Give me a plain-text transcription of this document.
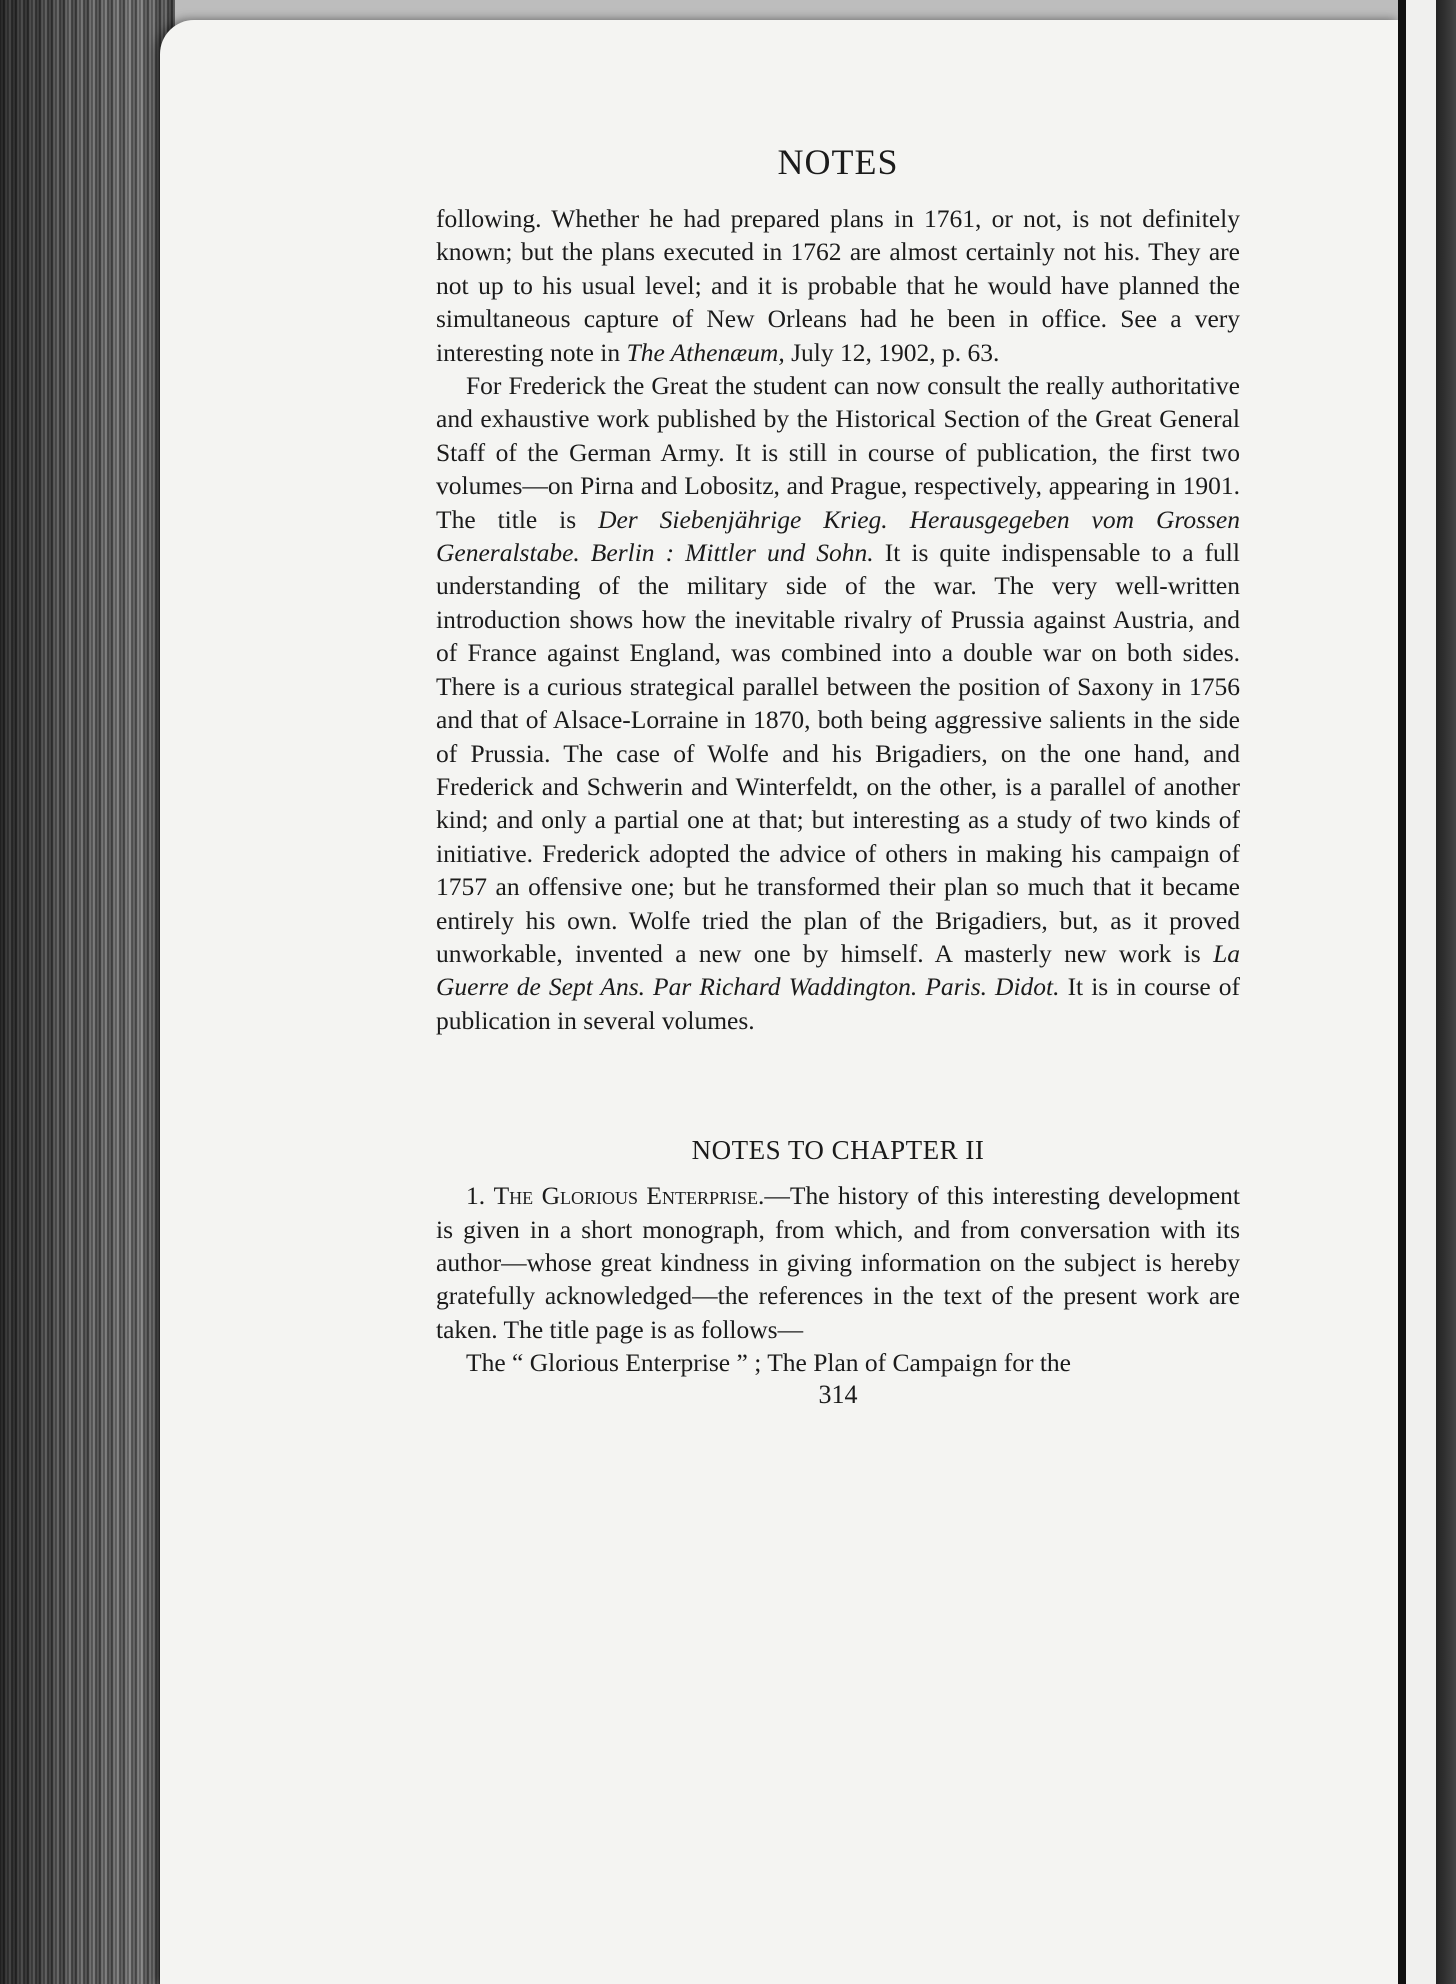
NOTES

following. Whether he had prepared plans in 1761, or not, is not definitely known; but the plans executed in 1762 are almost certainly not his. They are not up to his usual level; and it is probable that he would have planned the simultaneous capture of New Orleans had he been in office. See a very interesting note in The Athenæum, July 12, 1902, p. 63.

For Frederick the Great the student can now consult the really authoritative and exhaustive work published by the Historical Section of the Great General Staff of the German Army. It is still in course of publication, the first two volumes—on Pirna and Lobositz, and Prague, respectively, appearing in 1901. The title is Der Siebenjährige Krieg. Herausgegeben vom Grossen Generalstabe. Berlin : Mittler und Sohn. It is quite indispensable to a full understanding of the military side of the war. The very well-written introduction shows how the inevitable rivalry of Prussia against Austria, and of France against England, was combined into a double war on both sides. There is a curious strategical parallel between the position of Saxony in 1756 and that of Alsace-Lorraine in 1870, both being aggressive salients in the side of Prussia. The case of Wolfe and his Brigadiers, on the one hand, and Frederick and Schwerin and Winterfeldt, on the other, is a parallel of another kind; and only a partial one at that; but interesting as a study of two kinds of initiative. Frederick adopted the advice of others in making his campaign of 1757 an offensive one; but he transformed their plan so much that it became entirely his own. Wolfe tried the plan of the Brigadiers, but, as it proved unworkable, invented a new one by himself. A masterly new work is La Guerre de Sept Ans. Par Richard Waddington. Paris. Didot. It is in course of publication in several volumes.

NOTES TO CHAPTER II

1. The Glorious Enterprise.—The history of this interesting development is given in a short monograph, from which, and from conversation with its author—whose great kindness in giving information on the subject is hereby gratefully acknowledged—the references in the text of the present work are taken. The title page is as follows—

The “ Glorious Enterprise ” ; The Plan of Campaign for the

314
